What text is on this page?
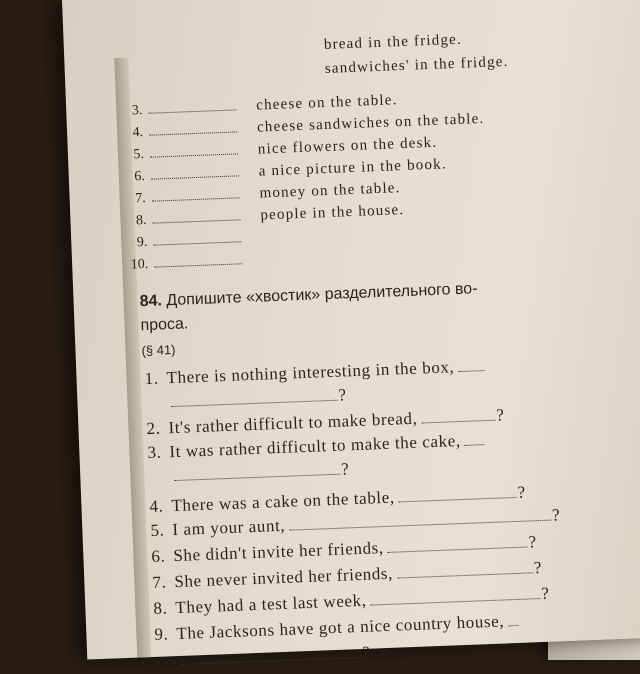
bread in the fridge.
sandwiches' in the fridge.
3.	cheese on the table.
4.	cheese sandwiches on the table.
5.	nice flowers on the desk.
6.	a nice picture in the book.
7.	money on the table.
8.	people in the house.
9.
10.
84. Допишите «хвостик» разделительного во-
проса.
(§ 41)
1. There is nothing interesting in the box,
?
2. It's rather difficult to make bread,	?
3. It was rather difficult to make the cake,
?
4. There was a cake on the table,	?
5. I am your aunt,?
6. She didn't invite her friends,	?
7. She never invited her friends,	?
8. They had a test last week,	?
9. The Jacksons have got a nice country house,
?
